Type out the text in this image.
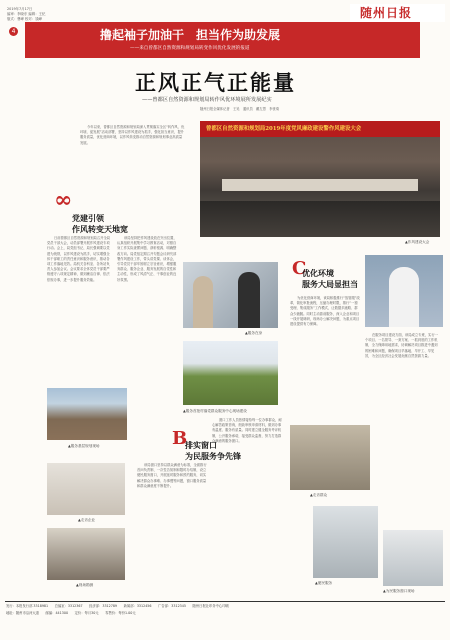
2019年7月17日
编审：李晓东 编辑：王纪
版式：曹峰 校对：钱峰
4	撸起袖子加油干　担当作为助发展
——来自曾都区自然资源和规划局转变作风优化发展的报道
随州日报
正风正气正能量
——曾都区自然资源和规划局转作风优环境展所发展纪实
随州日报全媒体记者　王吴　通讯员　戴左思　李世菊
今年以来，曾都区自然资源和规划局深入贯彻落实全区“转作风、优环境、促发展”活动部署，坚持以作风建设为抓手，强化担当意识，提升服务质量，优化营商环境，以作风转变推动自然资源和规划事业高质量发展。
曾都区自然资源和规划局2019年度党风廉政建设警作风建设大会
▲作风建设大会
∞
党建引领
作风转变天地宽
日前曾都区自然资源和规划局召开全局党员干部大会，动员部署开展作风建设专项行动。会上，局党组书记、局长强调要以党建为统领，以作风建设为抓手，切实增强全体干部职工的责任意识和服务意识，推动各项工作落地见效。局机关各科室、各所站负责人参加会议。会议要求全体党员干部要严格遵守八项规定精神，做到廉洁自律、依法依规办事，进一步提升服务效能。
该局坚持把作风建设放在突出位置，认真组织开展集中学习教育活动，对照自身工作实际查摆问题、剖析根源、明确整改方向。局党组定期召开专题会议研究部署作风建设工作，带头讲党课、谈体会，引导党员干部牢固树立宗旨意识，增强服务群众、服务企业、服务发展的自觉性和主动性，形成了风清气正、干事创业的良好氛围。
▲服务在身
▲服务首批村落党群众服务中心现场建设
C
优化环境
服务大局显担当
为优化营商环境，该局积极推行“放管服”改革，简化审批流程，压缩办理时限，推行“一窗受理、集成服务”工作模式，让数据多跑路、群众少跑腿。同时主动靠前服务，深入企业和项目一线开展调研，现场办公解决问题，为重点项目建设提供有力保障。
在服务项目建设方面，该局成立专班，实行一个项目、一名领导、一套方案、一抓到底的工作机制，全力保障用地需求，协调解决项目推进中遇到的困难和问题，确保项目早落地、早开工、早见效，为全区经济社会发展贡献自然资源力量。
▲服务基层规划现场
▲走访企业
▲现场勘测
B
排实窗口
为民服务争先锋
该局窗口坚持以群众满意为标准，全面推行首问负责制、一次性告知制和限时办结制，设立便民服务窗口，开展延时服务和预约服务，切实解决群众办事难、办事慢等问题，窗口服务质量和群众满意度不断提升。
窗口工作人员热情接待每一位办事群众，耐心解答政策咨询，细致审核申请材料，做到办事有温度、服务有质量。同时建立健全服务考评机制，公开服务承诺，接受群众监督，努力打造群众满意的服务窗口。
▲走访群众
▲便民服务
▲为民服务窗口现场
发行：本报发行部 3318981　　总编室：3312367　　经济部：3312789　　新闻部：3312456　　广告部：3312345　　随州日报社印务中心印刷
地址：随州市沿河大道　　邮编：441300　　定价：每月30元　　零售价：每份1.00元
